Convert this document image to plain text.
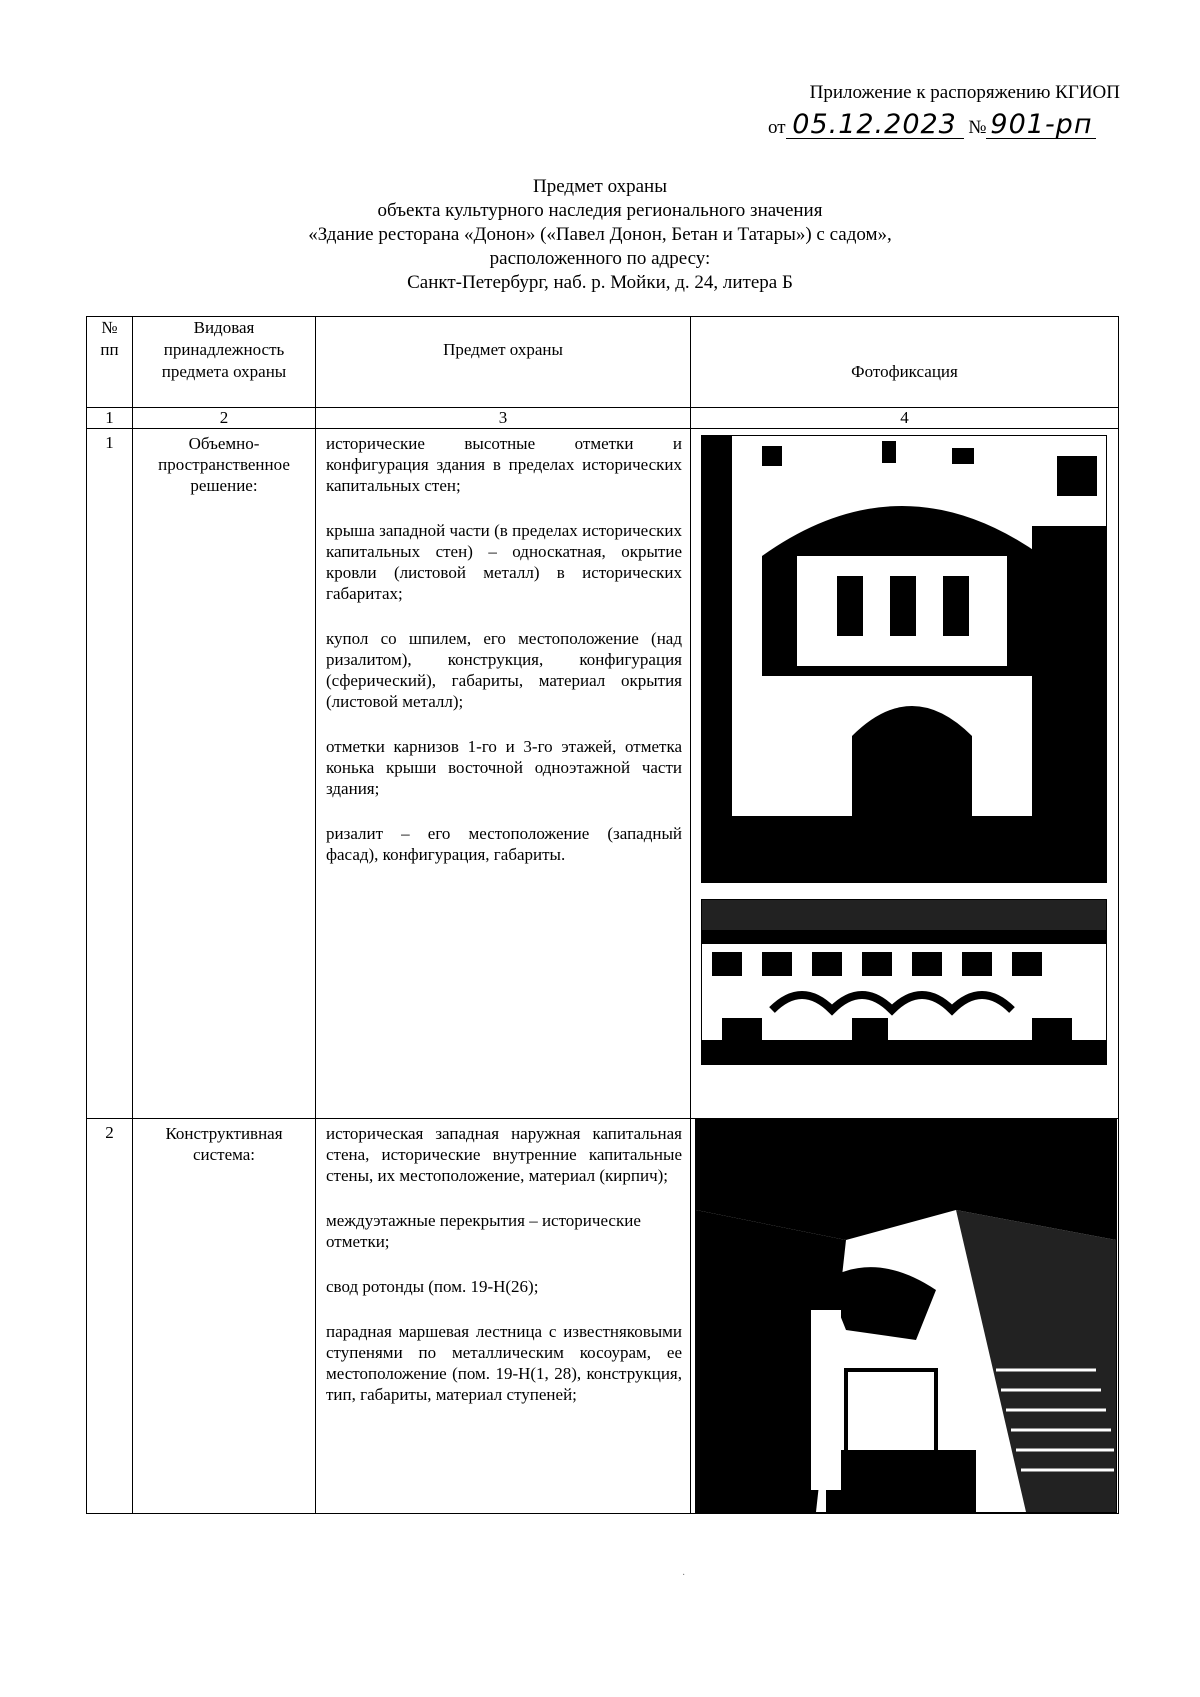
Приложение к распоряжению КГИОП
от 05.12.2023 № 901-рп
Предмет охраны
объекта культурного наследия регионального значения
«Здание ресторана «Донон» («Павел Донон, Бетан и Татары») с садом»,
расположенного по адресу:
Санкт-Петербург, наб. р. Мойки, д. 24, литера Б
№ пп	Видовая принадлежность предмета охраны	Предмет охраны	Фотофиксация
1	2	3	4
1	Объемно-пространственное решение:	исторические высотные отметки и конфигурация здания в пределах исторических капитальных стен;

крыша западной части (в пределах исторических капитальных стен) – односкатная, окрытие кровли (листовой металл) в исторических габаритах;

купол со шпилем, его местоположение (над ризалитом), конструкция, конфигурация (сферический), габариты, материал окрытия (листовой металл);

отметки карнизов 1-го и 3-го этажей, отметка конька крыши восточной одноэтажной части здания;

ризалит – его местоположение (западный фасад), конфигурация, габариты.

2	Конструктивная система:	историческая западная наружная капитальная стена, исторические внутренние капитальные стены, их местоположение, материал (кирпич);

междуэтажные перекрытия – исторические отметки;

свод ротонды (пом. 19-Н(26);

парадная маршевая лестница с известняковыми ступенями по металлическим косоурам, ее местоположение (пом. 19-Н(1, 28), конструкция, тип, габариты, материал ступеней;

·
